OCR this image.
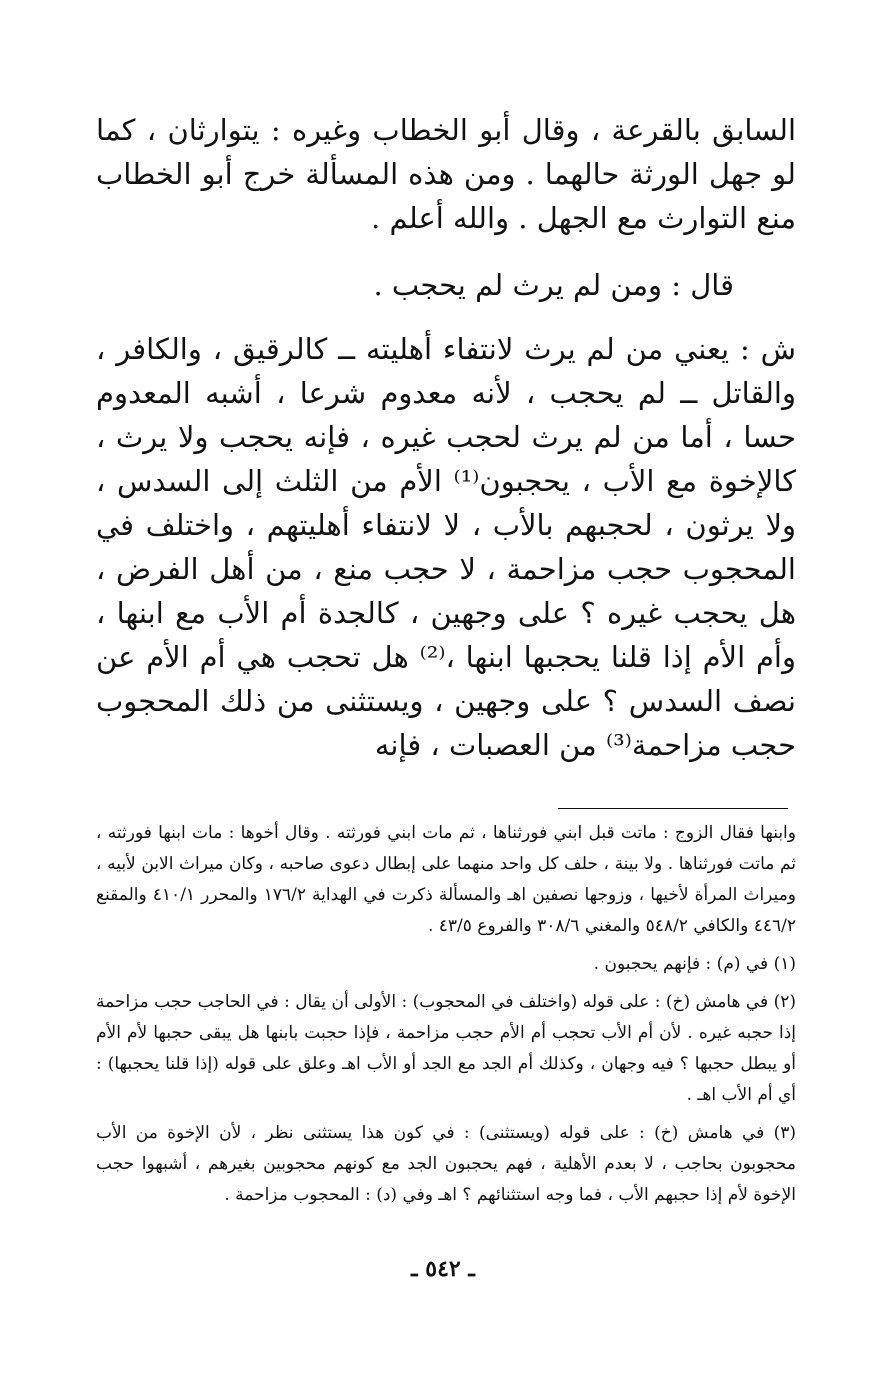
السابق بالقرعة ، وقال أبو الخطاب وغيره : يتوارثان ، كما لو جهل الورثة حالهما . ومن هذه المسألة خرج أبو الخطاب منع التوارث مع الجهل . والله أعلم .
قال : ومن لم يرث لم يحجب .
ش : يعني من لم يرث لانتفاء أهليته ــ كالرقيق ، والكافر ، والقاتل ــ لم يحجب ، لأنه معدوم شرعا ، أشبه المعدوم حسا ، أما من لم يرث لحجب غيره ، فإنه يحجب ولا يرث ، كالإخوة مع الأب ، يحجبون⁽¹⁾ الأم من الثلث إلى السدس ، ولا يرثون ، لحجبهم بالأب ، لا لانتفاء أهليتهم ، واختلف في المحجوب حجب مزاحمة ، لا حجب منع ، من أهل الفرض ، هل يحجب غيره ؟ على وجهين ، كالجدة أم الأب مع ابنها ، وأم الأم إذا قلنا يحجبها ابنها ،⁽²⁾ هل تحجب هي أم الأم عن نصف السدس ؟ على وجهين ، ويستثنى من ذلك المحجوب حجب مزاحمة⁽³⁾ من العصبات ، فإنه

وابنها فقال الزوج : ماتت قبل ابني فورثناها ، ثم مات ابني فورثته . وقال أخوها : مات ابنها فورثته ، ثم ماتت فورثناها . ولا بينة ، حلف كل واحد منهما على إبطال دعوى صاحبه ، وكان ميراث الابن لأبيه ، وميراث المرأة لأخيها ، وزوجها نصفين اهـ والمسألة ذكرت في الهداية ١٧٦/٢ والمحرر ٤١٠/١ والمقنع ٤٤٦/٢ والكافي ٥٤٨/٢ والمغني ٣٠٨/٦ والفروع ٤٣/٥ .

(١) في (م) : فإنهم يحجبون .

(٢) في هامش (خ) : على قوله (واختلف في المحجوب) : الأولى أن يقال : في الحاجب حجب مزاحمة إذا حجبه غيره . لأن أم الأب تحجب أم الأم حجب مزاحمة ، فإذا حجبت بابنها هل يبقى حجبها لأم الأم أو يبطل حجبها ؟ فيه وجهان ، وكذلك أم الجد مع الجد أو الأب اهـ وعلق على قوله (إذا قلنا يحجبها) : أي أم الأب اهـ .

(٣) في هامش (خ) : على قوله (ويستثنى) : في كون هذا يستثنى نظر ، لأن الإخوة من الأب محجوبون بحاجب ، لا بعدم الأهلية ، فهم يحجبون الجد مع كونهم محجوبين بغيرهم ، أشبهوا حجب الإخوة لأم إذا حجبهم الأب ، فما وجه استثنائهم ؟ اهـ وفي (د) : المحجوب مزاحمة .

ـ ٥٤٢ ـ
